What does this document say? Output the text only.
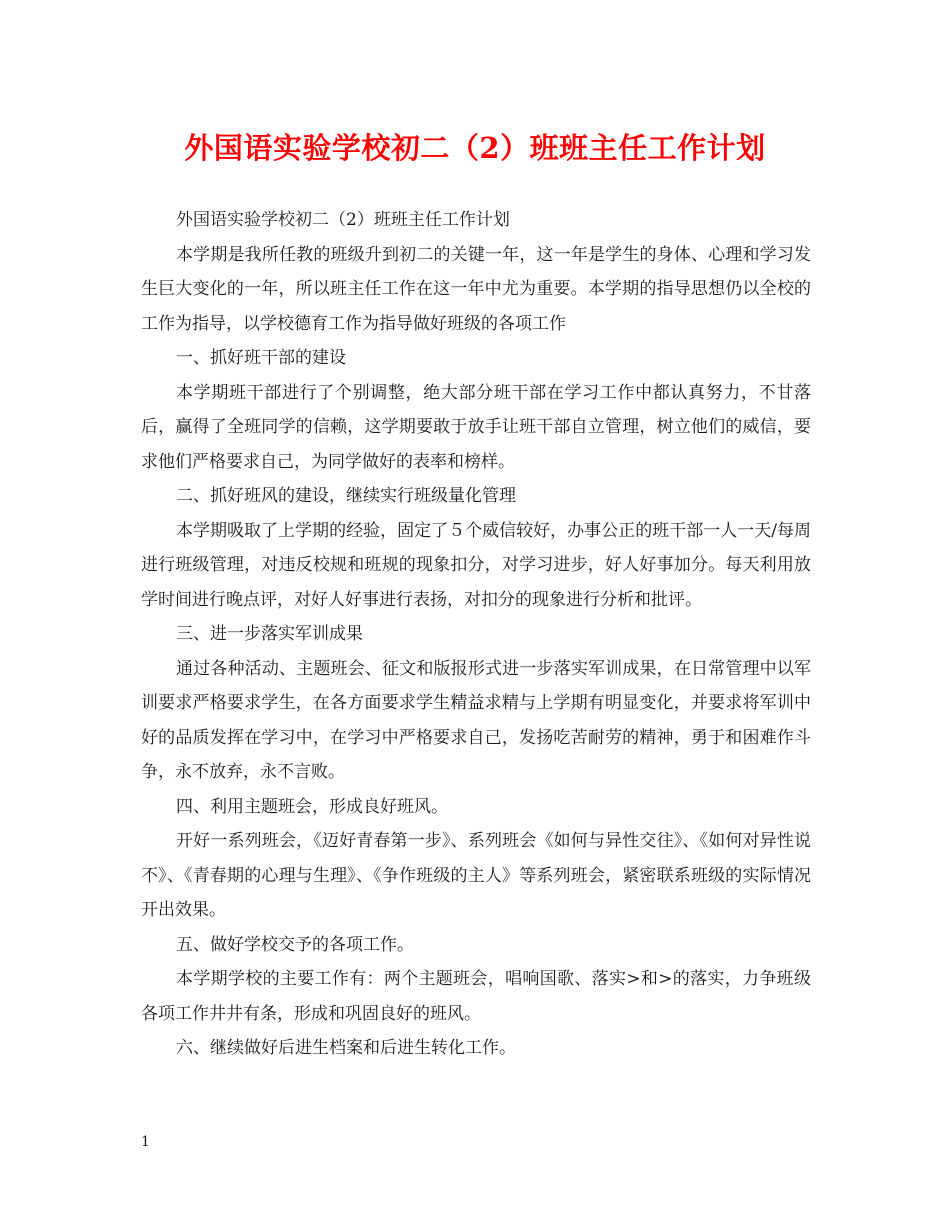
外国语实验学校初二（2）班班主任工作计划

外国语实验学校初二（2）班班主任工作计划

本学期是我所任教的班级升到初二的关键一年，这一年是学生的身体、心理和学习发生巨大变化的一年，所以班主任工作在这一年中尤为重要。本学期的指导思想仍以全校的工作为指导，以学校德育工作为指导做好班级的各项工作

一、抓好班干部的建设

本学期班干部进行了个别调整，绝大部分班干部在学习工作中都认真努力，不甘落后，赢得了全班同学的信赖，这学期要敢于放手让班干部自立管理，树立他们的威信，要求他们严格要求自己，为同学做好的表率和榜样。

二、抓好班风的建设，继续实行班级量化管理

本学期吸取了上学期的经验，固定了５个威信较好，办事公正的班干部一人一天/每周进行班级管理，对违反校规和班规的现象扣分，对学习进步，好人好事加分。每天利用放学时间进行晚点评，对好人好事进行表扬，对扣分的现象进行分析和批评。

三、进一步落实军训成果

通过各种活动、主题班会、征文和版报形式进一步落实军训成果，在日常管理中以军训要求严格要求学生，在各方面要求学生精益求精与上学期有明显变化，并要求将军训中好的品质发挥在学习中，在学习中严格要求自己，发扬吃苦耐劳的精神，勇于和困难作斗争，永不放弃，永不言败。

四、利用主题班会，形成良好班风。

开好一系列班会，《迈好青春第一步》、系列班会《如何与异性交往》、《如何对异性说不》、《青春期的心理与生理》、《争作班级的主人》等系列班会，紧密联系班级的实际情况开出效果。

五、做好学校交予的各项工作。

本学期学校的主要工作有：两个主题班会，唱响国歌、落实>和>的落实，力争班级各项工作井井有条，形成和巩固良好的班风。

六、继续做好后进生档案和后进生转化工作。

1
